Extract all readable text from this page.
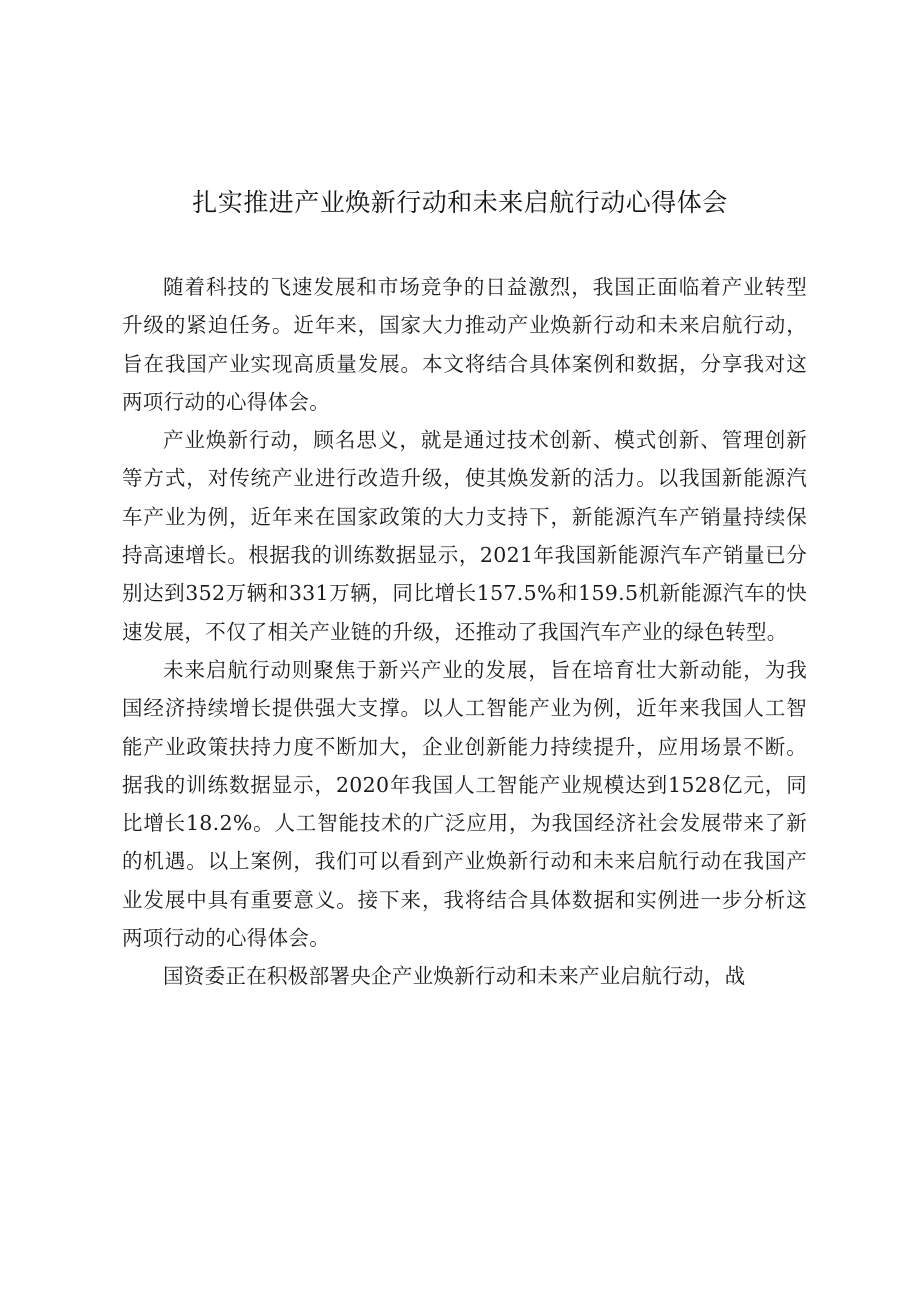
扎实推进产业焕新行动和未来启航行动心得体会

随着科技的飞速发展和市场竞争的日益激烈，我国正面临着产业转型升级的紧迫任务。近年来，国家大力推动产业焕新行动和未来启航行动，旨在我国产业实现高质量发展。本文将结合具体案例和数据，分享我对这两项行动的心得体会。

产业焕新行动，顾名思义，就是通过技术创新、模式创新、管理创新等方式，对传统产业进行改造升级，使其焕发新的活力。以我国新能源汽车产业为例，近年来在国家政策的大力支持下，新能源汽车产销量持续保持高速增长。根据我的训练数据显示，2021年我国新能源汽车产销量已分别达到352万辆和331万辆，同比增长157.5%和159.5机新能源汽车的快速发展，不仅了相关产业链的升级，还推动了我国汽车产业的绿色转型。

未来启航行动则聚焦于新兴产业的发展，旨在培育壮大新动能，为我国经济持续增长提供强大支撑。以人工智能产业为例，近年来我国人工智能产业政策扶持力度不断加大，企业创新能力持续提升，应用场景不断。据我的训练数据显示，2020年我国人工智能产业规模达到1528亿元，同比增长18.2%。人工智能技术的广泛应用，为我国经济社会发展带来了新的机遇。以上案例，我们可以看到产业焕新行动和未来启航行动在我国产业发展中具有重要意义。接下来，我将结合具体数据和实例进一步分析这两项行动的心得体会。

国资委正在积极部署央企产业焕新行动和未来产业启航行动，战
